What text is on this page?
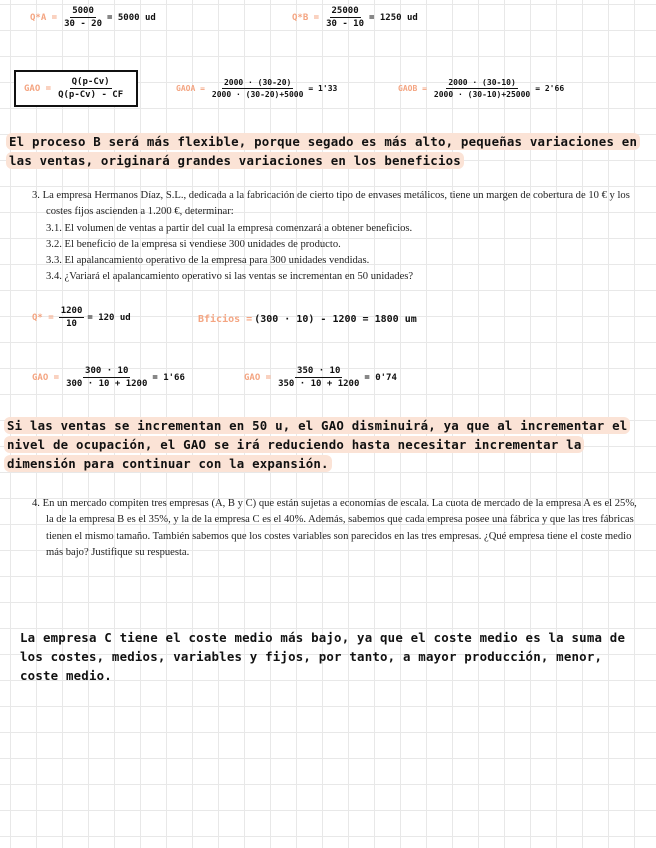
$Q*A = \frac{5000}{30 - 20} = 5000$ ud	$Q*B = \frac{25000}{30 - 10} = 1250$ ud
GAO = $\frac{Q(p-Cv)}{Q(p-Cv) - CF}$	GAOA = $\frac{2000 \cdot (30-20)}{2000 \cdot (30-20)+5000} = 1'33$	GAOB = $\frac{2000 \cdot (30-10)}{2000 \cdot (30-10)+25000} = 2'66$
El proceso B será más flexible, porque segado es más alto, pequeñas variaciones en las ventas, originará grandes variaciones en los beneficios
3. La empresa Hermanos Díaz, S.L., dedicada a la fabricación de cierto tipo de envases metálicos, tiene un margen de cobertura de 10 € y los costes fijos ascienden a 1.200 €, determinar:
3.1. El volumen de ventas a partir del cual la empresa comenzará a obtener beneficios.
3.2. El beneficio de la empresa si vendiese 300 unidades de producto.
3.3. El apalancamiento operativo de la empresa para 300 unidades vendidas.
3.4. ¿Variará el apalancamiento operativo si las ventas se incrementan en 50 unidades?
$Q* = \frac{1200}{10} = 120$ ud	Bficios = (300 · 10) - 1200 = 1800 um
GAO = $\frac{300 \cdot 10}{300 \cdot 10 + 1200} = 1'66$	GAO = $\frac{350 \cdot 10}{350 \cdot 10 + 1200} = 0'74$
Si las ventas se incrementan en 50 u, el GAO disminuirá, ya que al incrementar el nivel de ocupación, el GAO se irá reduciendo hasta necesitar incrementar la dimensión para continuar con la expansión.
4. En un mercado compiten tres empresas (A, B y C) que están sujetas a economías de escala. La cuota de mercado de la empresa A es el 25%, la de la empresa B es el 35%, y la de la empresa C es el 40%. Además, sabemos que cada empresa posee una fábrica y que las tres fábricas tienen el mismo tamaño. También sabemos que los costes variables son parecidos en las tres empresas. ¿Qué empresa tiene el coste medio más bajo? Justifique su respuesta.
La empresa C tiene el coste medio más bajo, ya que el coste medio es la suma de los costes, medios, variables y fijos, por tanto, a mayor producción, menor, coste medio.
